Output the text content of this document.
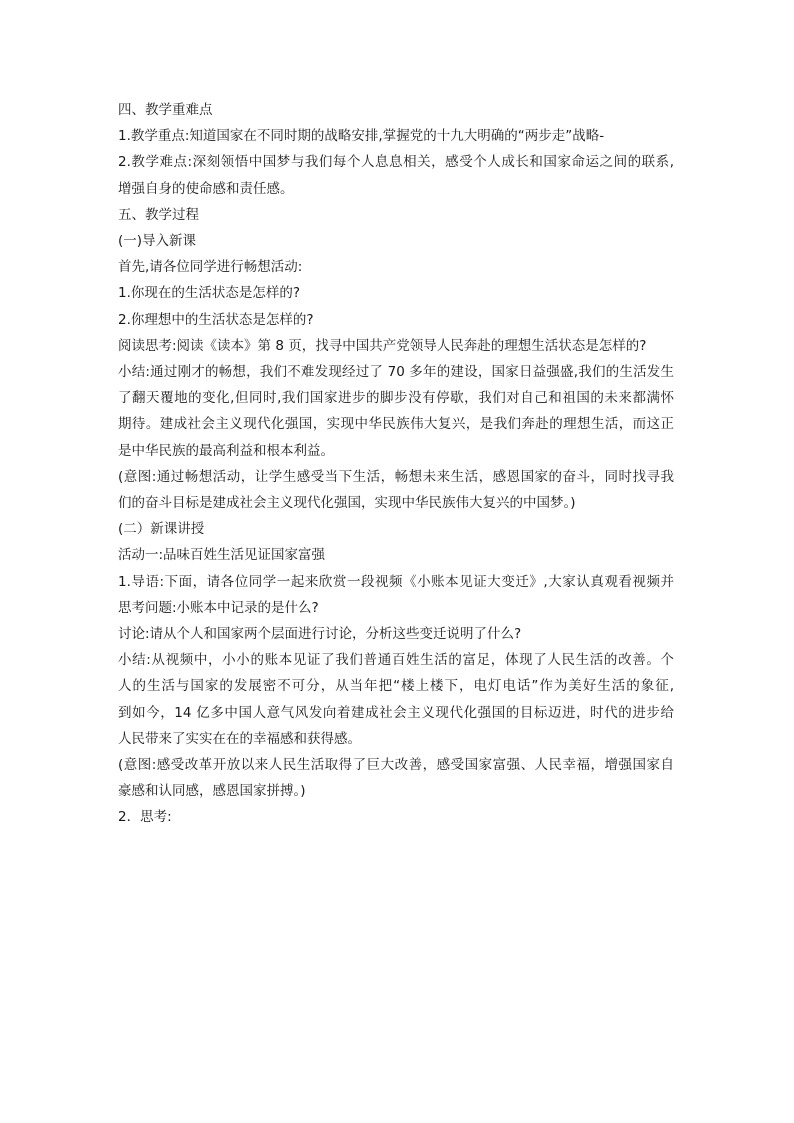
四、教学重难点
1.教学重点:知道国家在不同时期的战略安排,掌握党的十九大明确的“两步走”战略-
2.教学难点:深刻领悟中国梦与我们每个人息息相关，感受个人成长和国家命运之间的联系,
增强自身的使命感和责任感。
五、教学过程
(一)导入新课
首先,请各位同学进行畅想活动:
1.你现在的生活状态是怎样的?
2.你理想中的生活状态是怎样的?
阅读思考:阅读《读本》第 8 页，找寻中国共产党领导人民奔赴的理想生活状态是怎样的?
小结:通过刚才的畅想，我们不难发现经过了 70 多年的建设，国家日益强盛,我们的生活发生
了翻天覆地的变化,但同时,我们国家进步的脚步没有停歇，我们对自己和祖国的未来都满怀
期待。建成社会主义现代化强国，实现中华民族伟大复兴，是我们奔赴的理想生活，而这正
是中华民族的最高利益和根本利益。
(意图:通过畅想活动，让学生感受当下生活，畅想未来生活，感恩国家的奋斗，同时找寻我
们的奋斗目标是建成社会主义现代化强国，实现中华民族伟大复兴的中国梦。)
(二）新课讲授
活动一:品味百姓生活见证国家富强
1.导语:下面，请各位同学一起来欣赏一段视频《小账本见证大变迁》,大家认真观看视频并
思考问题:小账本中记录的是什么?
讨论:请从个人和国家两个层面进行讨论，分析这些变迁说明了什么?
小结:从视频中，小小的账本见证了我们普通百姓生活的富足，体现了人民生活的改善。个
人的生活与国家的发展密不可分，从当年把“楼上楼下，电灯电话”作为美好生活的象征,
到如今，14 亿多中国人意气风发向着建成社会主义现代化强国的目标迈进，时代的进步给
人民带来了实实在在的幸福感和获得感。
(意图:感受改革开放以来人民生活取得了巨大改善，感受国家富强、人民幸福，增强国家自
豪感和认同感，感恩国家拼搏。)
2．思考:
